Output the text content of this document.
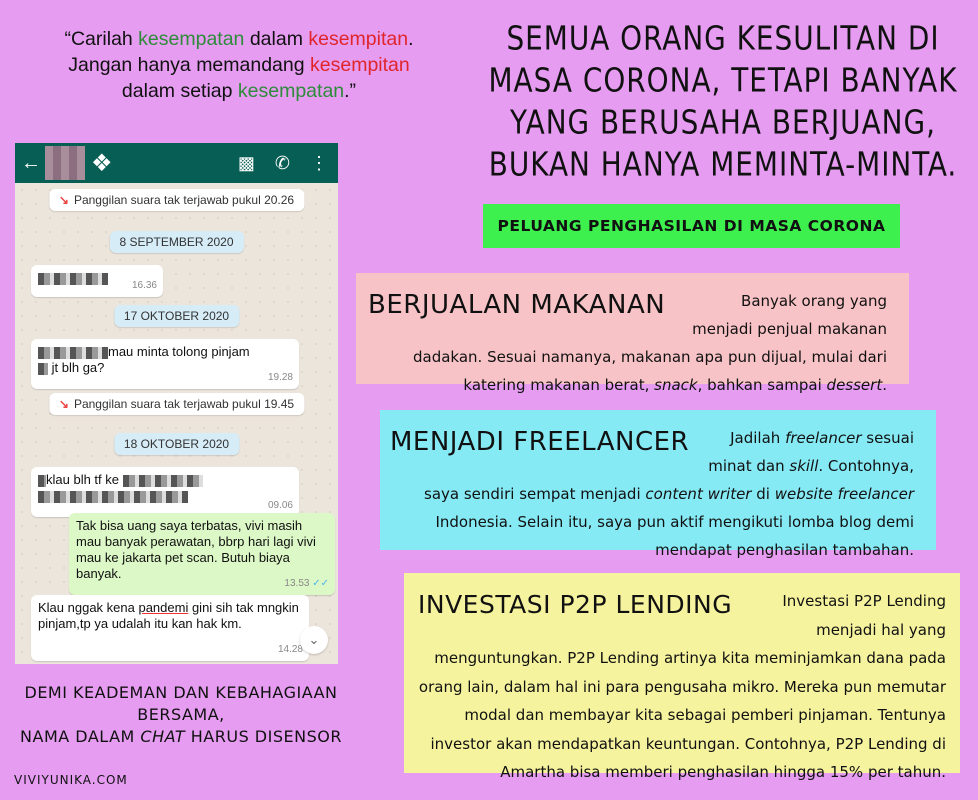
“Carilah kesempatan dalam kesempitan.
Jangan hanya memandang kesempitan
dalam setiap kesempatan.”
SEMUA ORANG KESULITAN DI MASA CORONA, TETAPI BANYAK YANG BERUSAHA BERJUANG, BUKAN HANYA MEMINTA-MINTA.
PELUANG PENGHASILAN DI MASA CORONA
BERJUALAN MAKANAN	Banyak orang yang menjadi penjual makanan dadakan. Sesuai namanya, makanan apa pun dijual, mulai dari katering makanan berat, snack, bahkan sampai dessert.
MENJADI FREELANCER	Jadilah freelancer sesuai minat dan skill. Contohnya, saya sendiri sempat menjadi content writer di website freelancer Indonesia. Selain itu, saya pun aktif mengikuti lomba blog demi mendapat penghasilan tambahan.
INVESTASI P2P LENDING	Investasi P2P Lending menjadi hal yang menguntungkan. P2P Lending artinya kita meminjamkan dana pada orang lain, dalam hal ini para pengusaha mikro. Mereka pun memutar modal dan membayar kita sebagai pemberi pinjaman. Tentunya investor akan mendapatkan keuntungan. Contohnya, P2P Lending di Amartha bisa memberi penghasilan hingga 15% per tahun.
← ❖	▩ ✆ ⋮
↘ Panggilan suara tak terjawab pukul 20.26
8 SEPTEMBER 2020
16.36
17 OKTOBER 2020
mau minta tolong pinjam
jt blh ga?
19.28
↘ Panggilan suara tak terjawab pukul 19.45
18 OKTOBER 2020
klau blh tf ke
09.06
Tak bisa uang saya terbatas, vivi masih mau banyak perawatan, bbrp hari lagi vivi mau ke jakarta pet scan. Butuh biaya banyak.
13.53 ✓✓
Klau nggak kena pandemi gini sih tak mngkin pinjam,tp ya udalah itu kan hak km.
14.28
⌄
DEMI KEADEMAN DAN KEBAHAGIAAN BERSAMA,
NAMA DALAM CHAT HARUS DISENSOR
VIVIYUNIKA.COM
